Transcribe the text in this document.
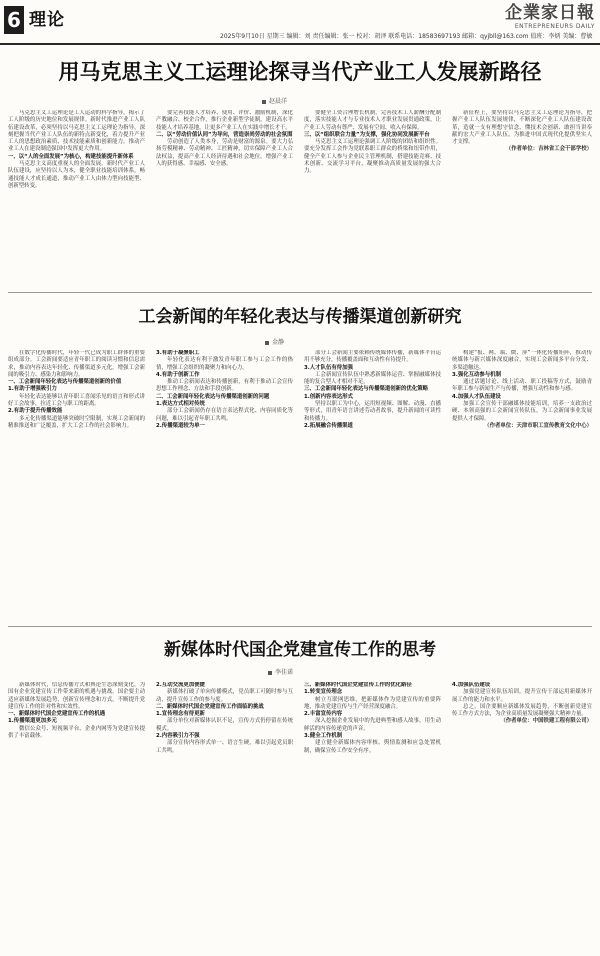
6 理论
2025年9月10日 星期三 编辑：刘 责任编辑：张一 校对：胡泽 联系电话：18583697193 邮箱：qyjbll@163.com 值班：李炳 美编：曹敏
企業家日報
ENTREPRENEURS DAILY
用马克思主义工运理论探寻当代产业工人发展新路径
赵晨洋

马克思主义工运理论是工人运动的科学指导，揭示了工人阶级的历史地位和发展规律。新时代推进产业工人队伍建设改革，必须坚持以马克思主义工运理论为指导，深刻把握当代产业工人队伍的新特点新变化，着力提升产业工人的思想政治素质、技术技能素质和创新能力，推动产业工人在建设制造强国中发挥更大作用。

一、以“人的全面发展”为核心，构建技能提升新体系

马克思主义高度重视人的全面发展。新时代产业工人队伍建设，应坚持以人为本，健全职业技能培训体系，畅通技能人才成长通道，推动产业工人由体力型向技能型、创新型转变。

要完善技能人才培养、使用、评价、激励机制，深化产教融合、校企合作，推行企业新型学徒制，建设高水平技能人才培养基地，让更多产业工人在实践中增长才干。

二、以“劳动价值认同”为导向，营造崇尚劳动的社会氛围

劳动创造了人类本身，劳动是财富的源泉。要大力弘扬劳模精神、劳动精神、工匠精神，切实保障产业工人合法权益，提高产业工人经济待遇和社会地位，增强产业工人的获得感、幸福感、安全感。

要健全工资合理增长机制，完善技术工人薪酬分配制度，落实技能人才与专业技术人才职业发展贯通政策，让产业工人劳动有尊严、发展有空间、收入有保障。

三、以“组织联合力量”为支撑，强化协同发展新平台

马克思主义工运理论强调工人阶级的团结和组织性。要充分发挥工会作为党联系职工群众的桥梁和纽带作用，健全产业工人参与企业民主管理机制，搭建技能竞赛、技术创新、交流学习平台，凝聚推动高质量发展的强大合力。

新征程上，要坚持以马克思主义工运理论为指导，把握产业工人队伍发展规律，不断深化产业工人队伍建设改革，造就一支有理想守信念、懂技术会创新、敢担当讲奉献的宏大产业工人队伍，为推进中国式现代化提供坚实人才支撑。

（作者单位：吉林省工会干部学校）

工会新闻的年轻化表达与传播渠道创新研究
金静

在数字化传播时代，年轻一代已成为职工群体的重要组成部分。工会新闻要适应青年职工的阅读习惯和信息需求，推动内容表达年轻化、传播渠道多元化，增强工会新闻的吸引力、感染力和影响力。

一、工会新闻年轻化表达与传播渠道创新的价值

1.有助于增强吸引力

年轻化表达能够以青年职工喜闻乐见的语言和形式讲好工会故事，拉近工会与职工的距离。

2.有助于提升传播效能

多元化传播渠道能够突破时空限制，实现工会新闻的精准推送和广泛覆盖，扩大工会工作的社会影响力。

3.有助于凝聚职工

年轻化表达有利于激发青年职工参与工会工作的热情，增强工会组织的凝聚力和向心力。

4.有助于创新工作

推动工会新闻表达和传播创新，有利于推动工会宣传思想工作理念、方法和手段创新。

二、工会新闻年轻化表达与传播渠道创新的问题

1.表达方式相对传统

部分工会新闻仍存在语言表达程式化、内容同质化等问题，难以引起青年职工共鸣。

2.传播渠道较为单一

部分工会新闻主要依赖传统媒体传播，新媒体平台运用不够充分，传播覆盖面和互动性有待提升。

3.人才队伍有待加强

工会新闻宣传队伍中熟悉新媒体运营、掌握融媒体技能的复合型人才相对不足。

三、工会新闻年轻化表达与传播渠道创新的优化策略

1.创新内容表达形式

坚持以职工为中心，运用短视频、图解、动漫、直播等形式，用青年语言讲述劳动者故事，提升新闻的可读性和传播力。

2.拓展融合传播渠道

构建“报、网、端、微、屏”一体化传播矩阵，推动传统媒体与新兴媒体深度融合，实现工会新闻多平台分发、多渠道触达。

3.强化互动参与机制

通过话题讨论、线上活动、职工投稿等方式，鼓励青年职工参与新闻生产与传播，增强互动性和参与感。

4.加强人才队伍建设

加强工会宣传干部融媒体技能培训，培养一支政治过硬、本领高强的工会新闻宣传队伍，为工会新闻事业发展提供人才保障。

（作者单位：天津市职工宣传教育文化中心）

新媒体时代国企党建宣传工作的思考
李佳诺

新媒体时代，信息传播方式和舆论生态深刻变化，为国有企业党建宣传工作带来新的机遇与挑战。国企要主动适应新媒体发展趋势，创新宣传理念和方式，不断提升党建宣传工作的针对性和实效性。

一、新媒体时代国企党建宣传工作的机遇

1.传播渠道更加多元

微信公众号、短视频平台、企业内网等为党建宣传提供了丰富载体。

2.互动交流更加便捷

新媒体打破了单向传播模式，党员职工可随时参与互动，提升宣传工作的参与度。

二、新媒体时代国企党建宣传工作面临的挑战

1.宣传理念有待更新

部分单位对新媒体认识不足，宣传方式仍停留在传统模式。

2.内容吸引力不强

部分宣传内容形式单一、语言生硬，难以引起党员职工共鸣。

三、新媒体时代国企党建宣传工作的优化路径

1.转变宣传理念

树立互联网思维，把新媒体作为党建宣传的重要阵地，推动党建宣传与生产经营深度融合。

2.丰富宣传内容

深入挖掘企业发展中的先进典型和感人故事，用生动鲜活的内容传递党的声音。

3.健全工作机制

建立健全新媒体内容审核、舆情监测和应急处置机制，确保宣传工作安全有序。

4.加强队伍建设

加强党建宣传队伍培训，提升宣传干部运用新媒体开展工作的能力和水平。

总之，国企要顺应新媒体发展趋势，不断创新党建宣传工作方式方法，为企业高质量发展凝聚强大精神力量。

（作者单位：中国铁建工程有限公司）
